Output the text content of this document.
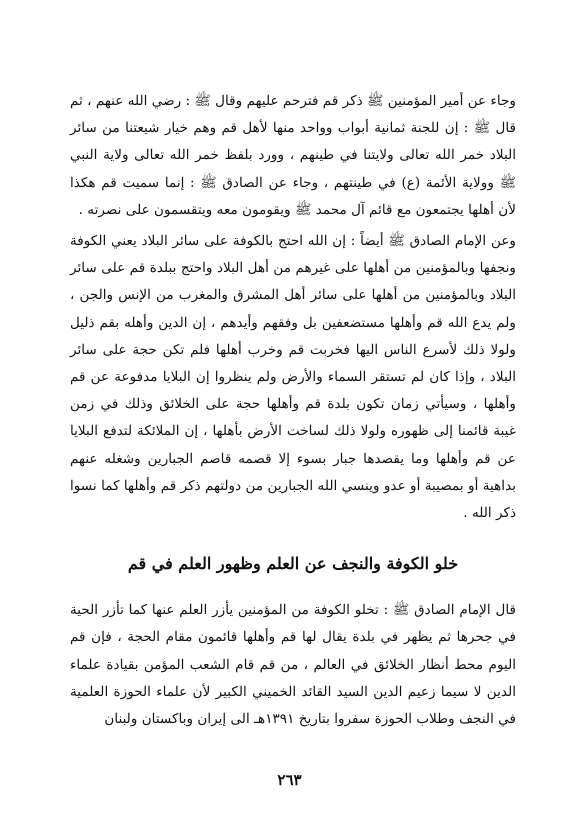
وجاء عن أمير المؤمنين ﷺ ذكر قم فترحم عليهم وقال ﷺ : رضي الله عنهم ، ثم قال ﷺ : إن للجنة ثمانية أبواب وواحد منها لأهل قم وهم خيار شيعتنا من سائر البلاد خمر الله تعالى ولايتنا في طينهم ، وورد بلفظ خمر الله تعالى ولاية النبي ﷺ وولاية الأئمة (ع) في طينتهم ، وجاء عن الصادق ﷺ : إنما سميت قم هكذا لأن أهلها يجتمعون مع قائم آل محمد ﷺ ويقومون معه ويتقسمون على نصرته .

وعن الإمام الصادق ﷺ أيضاً : إن الله احتج بالكوفة على سائر البلاد يعني الكوفة ونجفها وبالمؤمنين من أهلها على غيرهم من أهل البلاد واحتج ببلدة قم على سائر البلاد وبالمؤمنين من أهلها على سائر أهل المشرق والمغرب من الإنس والجن ، ولم يدع الله قم وأهلها مستضعفين بل وفقهم وأيدهم ، إن الدين وأهله بقم ذليل ولولا ذلك لأسرع الناس اليها فخربت قم وخرب أهلها فلم تكن حجة على سائر البلاد ، وإذا كان لم تستقر السماء والأرض ولم ينظروا إن البلايا مدفوعة عن قم وأهلها ، وسيأتي زمان تكون بلدة قم وأهلها حجة على الخلائق وذلك في زمن غيبة قائمنا إلى ظهوره ولولا ذلك لساخت الأرض بأهلها ، إن الملائكة لتدفع البلايا عن قم وأهلها وما يقصدها جبار بسوء إلا قصمه قاصم الجبارين وشغله عنهم بداهية أو بمصيبة أو عدو وينسي الله الجبارين من دولتهم ذكر قم وأهلها كما نسوا ذكر الله .

خلو الكوفة والنجف عن العلم وظهور العلم في قم

قال الإمام الصادق ﷺ : تخلو الكوفة من المؤمنين يأزر العلم عنها كما تأزر الحية في جحرها ثم يظهر في بلدة يقال لها قم وأهلها قائمون مقام الحجة ، فإن قم اليوم محط أنظار الخلائق في العالم ، من قم قام الشعب المؤمن بقيادة علماء الدين لا سيما زعيم الدين السيد القائد الخميني الكبير لأن علماء الحوزة العلمية في النجف وطلاب الحوزة سفروا بتاريخ ١٣٩١هـ الى إيران وباكستان ولبنان

٢٦٣
